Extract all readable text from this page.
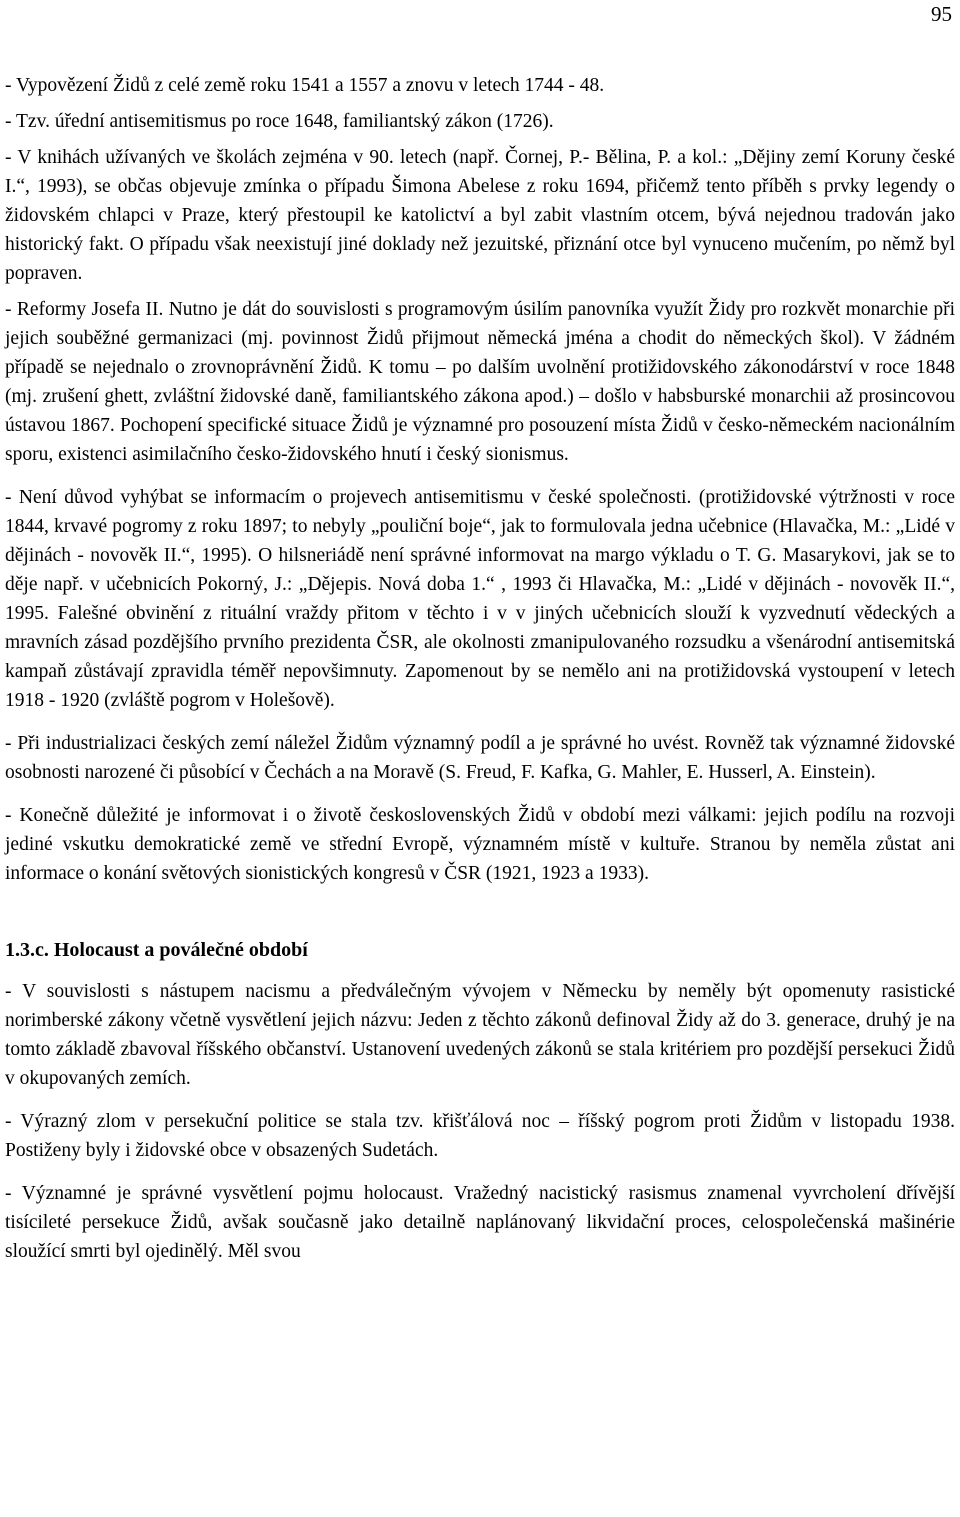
95

- Vypovězení Židů z celé země roku 1541 a 1557 a znovu v letech 1744 - 48.

- Tzv. úřední antisemitismus po roce 1648, familiantský zákon (1726).

- V knihách užívaných ve školách zejména v 90. letech (např. Čornej, P.- Bělina, P. a kol.: „Dějiny zemí Koruny české I.“, 1993), se občas objevuje zmínka o případu Šimona Abelese z roku 1694, přičemž tento příběh s prvky legendy o židovském chlapci v Praze, který přestoupil ke katolictví a byl zabit vlastním otcem, bývá nejednou tradován jako historický fakt. O případu však neexistují jiné doklady než jezuitské, přiznání otce byl vynuceno mučením, po němž byl popraven.

- Reformy Josefa II. Nutno je dát do souvislosti s programovým úsilím panovníka využít Židy pro rozkvět monarchie při jejich souběžné germanizaci (mj. povinnost Židů přijmout německá jména a chodit do německých škol). V žádném případě se nejednalo o zrovnoprávnění Židů. K tomu – po dalším uvolnění protižidovského zákonodárství v roce 1848 (mj. zrušení ghett, zvláštní židovské daně, familiantského zákona apod.) – došlo v habsburské monarchii až prosincovou ústavou 1867. Pochopení specifické situace Židů je významné pro posouzení místa Židů v česko-německém nacionálním sporu, existenci asimilačního česko-židovského hnutí i český sionismus.

- Není důvod vyhýbat se informacím o projevech antisemitismu v české společnosti. (protižidovské výtržnosti v roce 1844, krvavé pogromy z roku 1897; to nebyly „pouliční boje“, jak to formulovala jedna učebnice (Hlavačka, M.: „Lidé v dějinách - novověk II.“, 1995). O hilsneriádě není správné informovat na margo výkladu o T. G. Masarykovi, jak se to děje např. v učebnicích Pokorný, J.: „Dějepis. Nová doba 1.“ , 1993 či Hlavačka, M.: „Lidé v dějinách - novověk II.“, 1995. Falešné obvinění z rituální vraždy přitom v těchto i v v jiných učebnicích slouží k vyzvednutí vědeckých a mravních zásad pozdějšího prvního prezidenta ČSR, ale okolnosti zmanipulovaného rozsudku a všenárodní antisemitská kampaň zůstávají zpravidla téměř nepovšimnuty. Zapomenout by se nemělo ani na protižidovská vystoupení v letech 1918 - 1920 (zvláště pogrom v Holešově).

- Při industrializaci českých zemí náležel Židům významný podíl a je správné ho uvést. Rovněž tak významné židovské osobnosti narozené či působící v Čechách a na Moravě (S. Freud, F. Kafka, G. Mahler, E. Husserl, A. Einstein).

- Konečně důležité je informovat i o životě československých Židů v období mezi válkami: jejich podílu na rozvoji jediné vskutku demokratické země ve střední Evropě, významném místě v kultuře. Stranou by neměla zůstat ani informace o konání světových sionistických kongresů v ČSR (1921, 1923 a 1933).

1.3.c. Holocaust a poválečné období

- V souvislosti s nástupem nacismu a předválečným vývojem v Německu by neměly být opomenuty rasistické norimberské zákony včetně vysvětlení jejich názvu: Jeden z těchto zákonů definoval Židy až do 3. generace, druhý je na tomto základě zbavoval říšského občanství. Ustanovení uvedených zákonů se stala kritériem pro pozdější persekuci Židů v okupovaných zemích.

- Výrazný zlom v persekuční politice se stala tzv. křišťálová noc – říšský pogrom proti Židům v listopadu 1938. Postiženy byly i židovské obce v obsazených Sudetách.

- Významné je správné vysvětlení pojmu holocaust. Vražedný nacistický rasismus znamenal vyvrcholení dřívější tisícileté persekuce Židů, avšak současně jako detailně naplánovaný likvidační proces, celospolečenská mašinérie sloužící smrti byl ojedinělý. Měl svou
